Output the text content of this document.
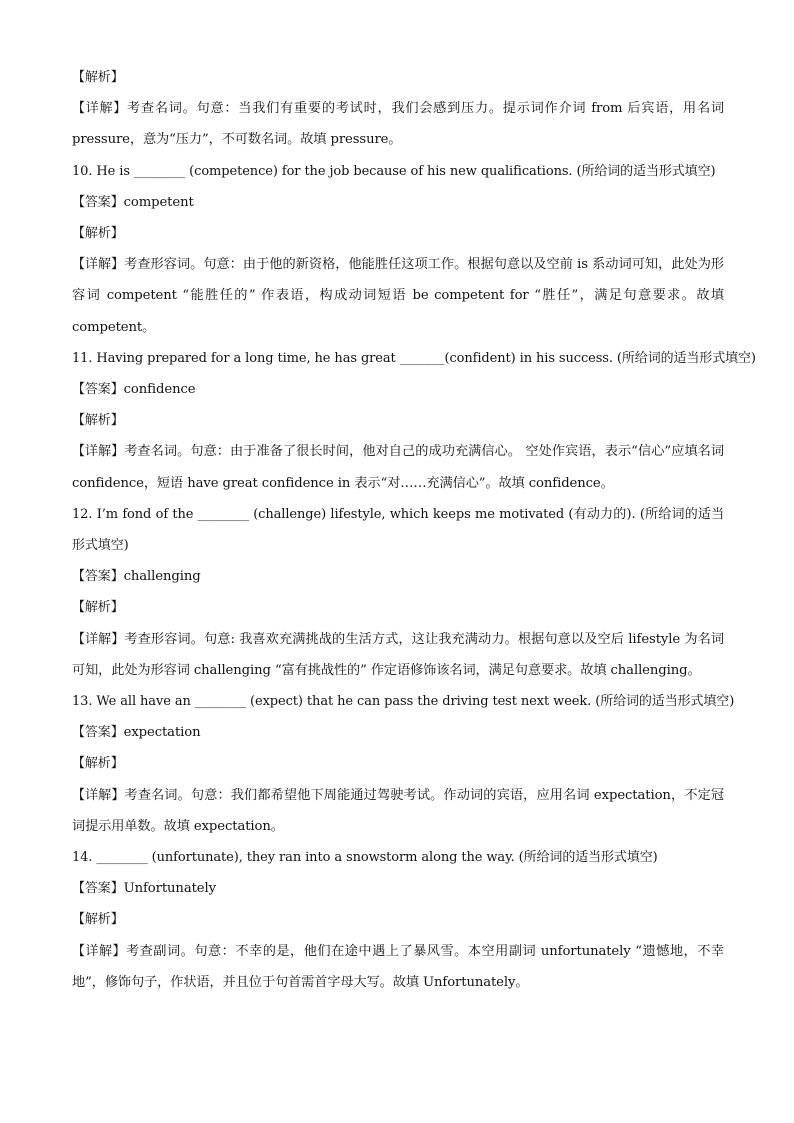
【解析】
【详解】考查名词。句意：当我们有重要的考试时，我们会感到压力。提示词作介词 from 后宾语，用名词 pressure，意为“压力”，不可数名词。故填 pressure。
10. He is ________ (competence) for the job because of his new qualifications. (所给词的适当形式填空)
【答案】competent
【解析】
【详解】考查形容词。句意：由于他的新资格，他能胜任这项工作。根据句意以及空前 is 系动词可知，此处为形容词 competent “能胜任的” 作表语，构成动词短语 be competent for “胜任”，满足句意要求。故填 competent。
11. Having prepared for a long time, he has great _______(confident) in his success. (所给词的适当形式填空)
【答案】confidence
【解析】
【详解】考查名词。句意：由于准备了很长时间，他对自己的成功充满信心。 空处作宾语，表示“信心”应填名词 confidence，短语 have great confidence in 表示“对……充满信心”。故填 confidence。
12. I’m fond of the ________ (challenge) lifestyle, which keeps me motivated (有动力的). (所给词的适当形式填空)
【答案】challenging
【解析】
【详解】考查形容词。句意: 我喜欢充满挑战的生活方式，这让我充满动力。根据句意以及空后 lifestyle 为名词可知，此处为形容词 challenging “富有挑战性的” 作定语修饰该名词，满足句意要求。故填 challenging。
13. We all have an ________ (expect) that he can pass the driving test next week. (所给词的适当形式填空)
【答案】expectation
【解析】
【详解】考查名词。句意：我们都希望他下周能通过驾驶考试。作动词的宾语，应用名词 expectation，不定冠词提示用单数。故填 expectation。
14. ________ (unfortunate), they ran into a snowstorm along the way. (所给词的适当形式填空)
【答案】Unfortunately
【解析】
【详解】考查副词。句意：不幸的是，他们在途中遇上了暴风雪。本空用副词 unfortunately “遗憾地，不幸地”，修饰句子，作状语，并且位于句首需首字母大写。故填 Unfortunately。
